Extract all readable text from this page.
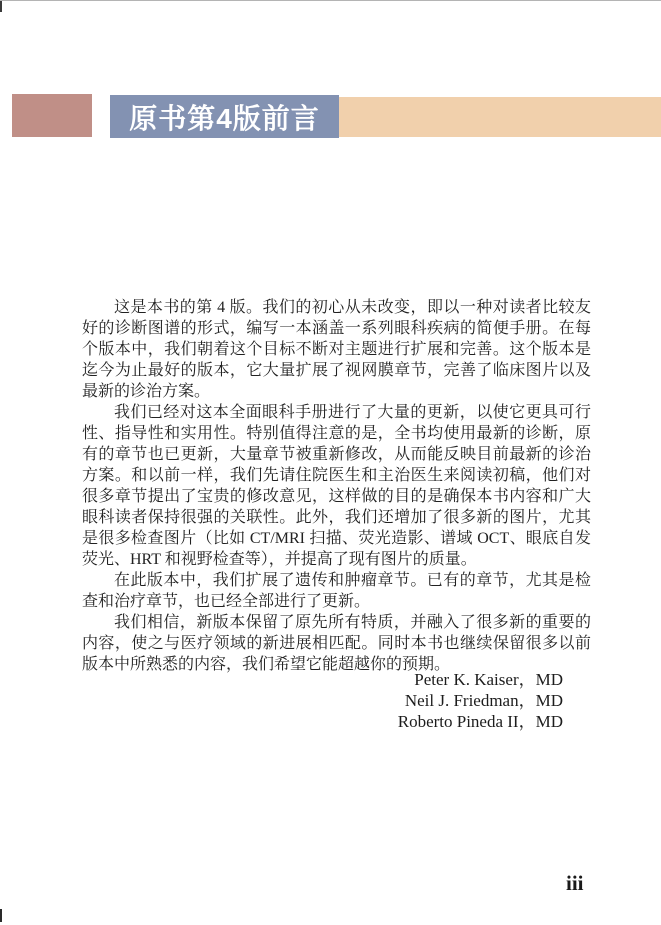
原书第4版前言

这是本书的第 4 版。我们的初心从未改变，即以一种对读者比较友好的诊断图谱的形式，编写一本涵盖一系列眼科疾病的简便手册。在每个版本中，我们朝着这个目标不断对主题进行扩展和完善。这个版本是迄今为止最好的版本，它大量扩展了视网膜章节，完善了临床图片以及最新的诊治方案。

我们已经对这本全面眼科手册进行了大量的更新，以使它更具可行性、指导性和实用性。特别值得注意的是，全书均使用最新的诊断，原有的章节也已更新，大量章节被重新修改，从而能反映目前最新的诊治方案。和以前一样，我们先请住院医生和主治医生来阅读初稿，他们对很多章节提出了宝贵的修改意见，这样做的目的是确保本书内容和广大眼科读者保持很强的关联性。此外，我们还增加了很多新的图片，尤其是很多检查图片（比如 CT/MRI 扫描、荧光造影、谱域 OCT、眼底自发荧光、HRT 和视野检查等），并提高了现有图片的质量。

在此版本中，我们扩展了遗传和肿瘤章节。已有的章节，尤其是检查和治疗章节，也已经全部进行了更新。

我们相信，新版本保留了原先所有特质，并融入了很多新的重要的内容，使之与医疗领域的新进展相匹配。同时本书也继续保留很多以前版本中所熟悉的内容，我们希望它能超越你的预期。

Peter K. Kaiser，MD
Neil J. Friedman，MD
Roberto Pineda II，MD
iii
